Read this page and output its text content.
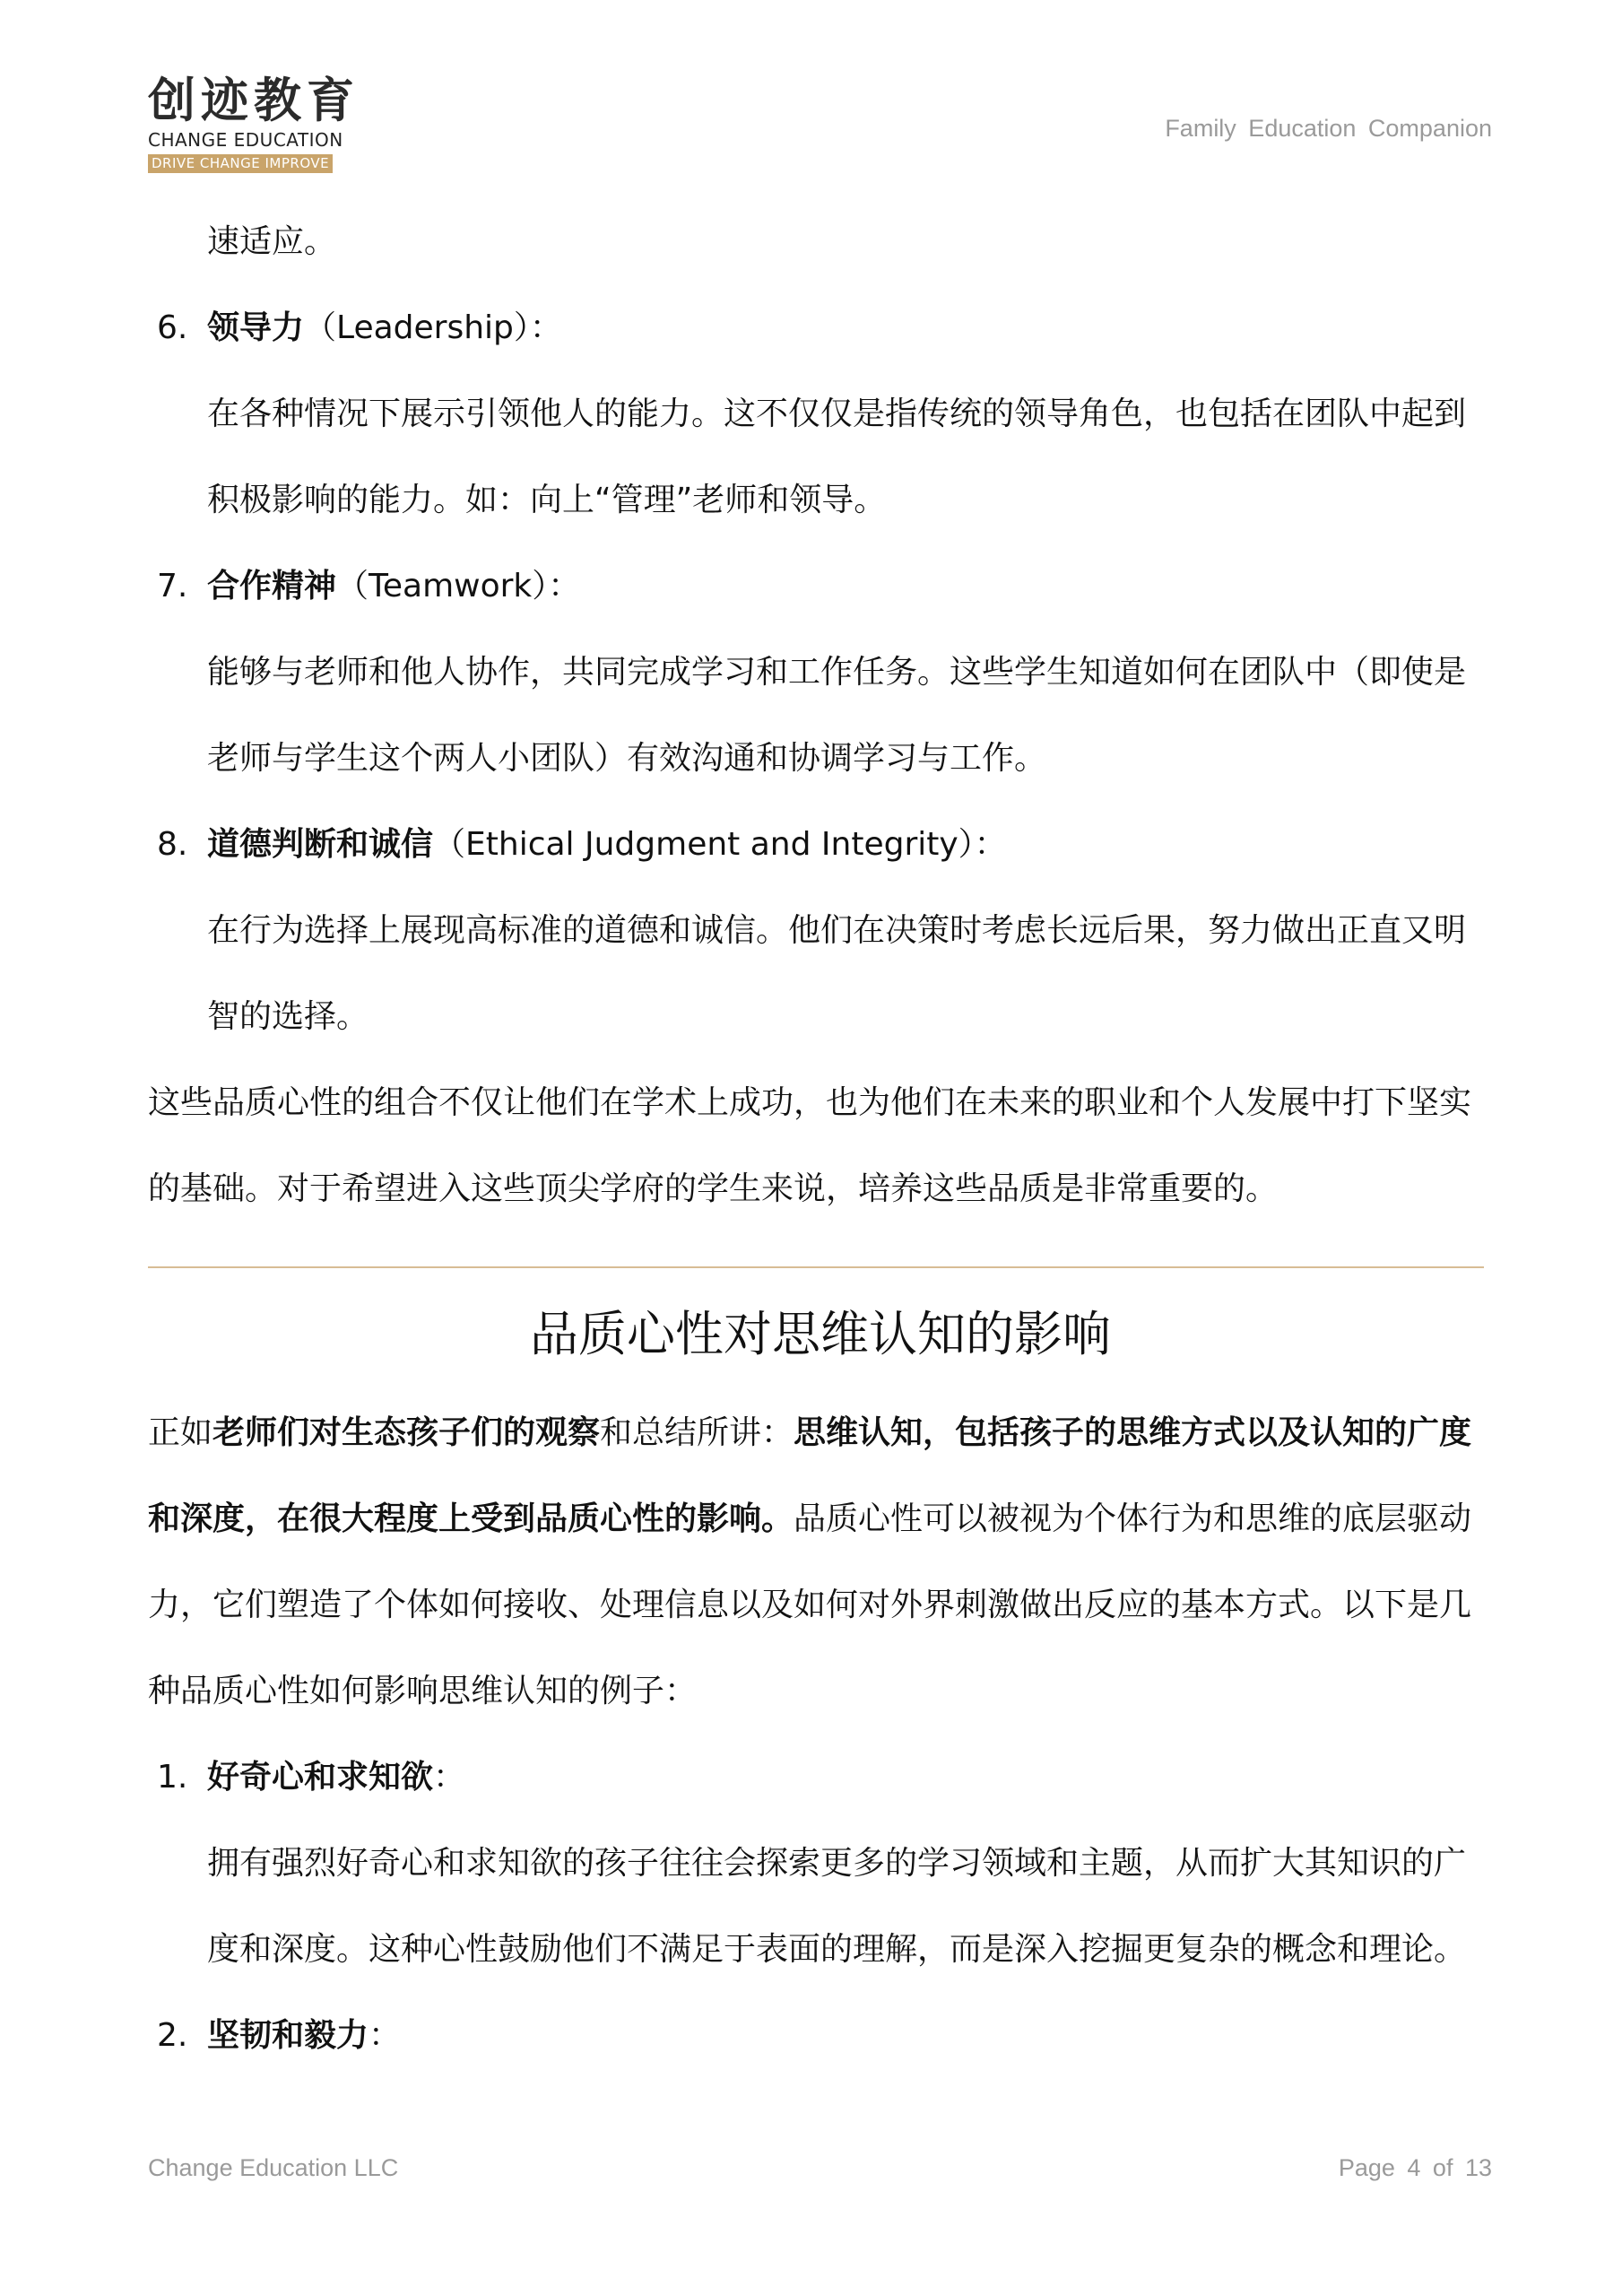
创迹教育
CHANGE EDUCATION
DRIVE CHANGE IMPROVE
Family Education Companion
速适应。
6. 领导力（Leadership）：
在各种情况下展示引领他人的能力。这不仅仅是指传统的领导角色，也包括在团队中起到
积极影响的能力。如：向上“管理”老师和领导。
7. 合作精神（Teamwork）：
能够与老师和他人协作，共同完成学习和工作任务。这些学生知道如何在团队中（即使是
老师与学生这个两人小团队）有效沟通和协调学习与工作。
8. 道德判断和诚信（Ethical Judgment and Integrity）：
在行为选择上展现高标准的道德和诚信。他们在决策时考虑长远后果，努力做出正直又明
智的选择。
这些品质心性的组合不仅让他们在学术上成功，也为他们在未来的职业和个人发展中打下坚实
的基础。对于希望进入这些顶尖学府的学生来说，培养这些品质是非常重要的。
品质心性对思维认知的影响
正如老师们对生态孩子们的观察和总结所讲：思维认知，包括孩子的思维方式以及认知的广度
和深度，在很大程度上受到品质心性的影响。品质心性可以被视为个体行为和思维的底层驱动
力，它们塑造了个体如何接收、处理信息以及如何对外界刺激做出反应的基本方式。以下是几
种品质心性如何影响思维认知的例子：
1. 好奇心和求知欲：
拥有强烈好奇心和求知欲的孩子往往会探索更多的学习领域和主题，从而扩大其知识的广
度和深度。这种心性鼓励他们不满足于表面的理解，而是深入挖掘更复杂的概念和理论。
2. 坚韧和毅力：
Change Education LLC	Page 4 of 13
